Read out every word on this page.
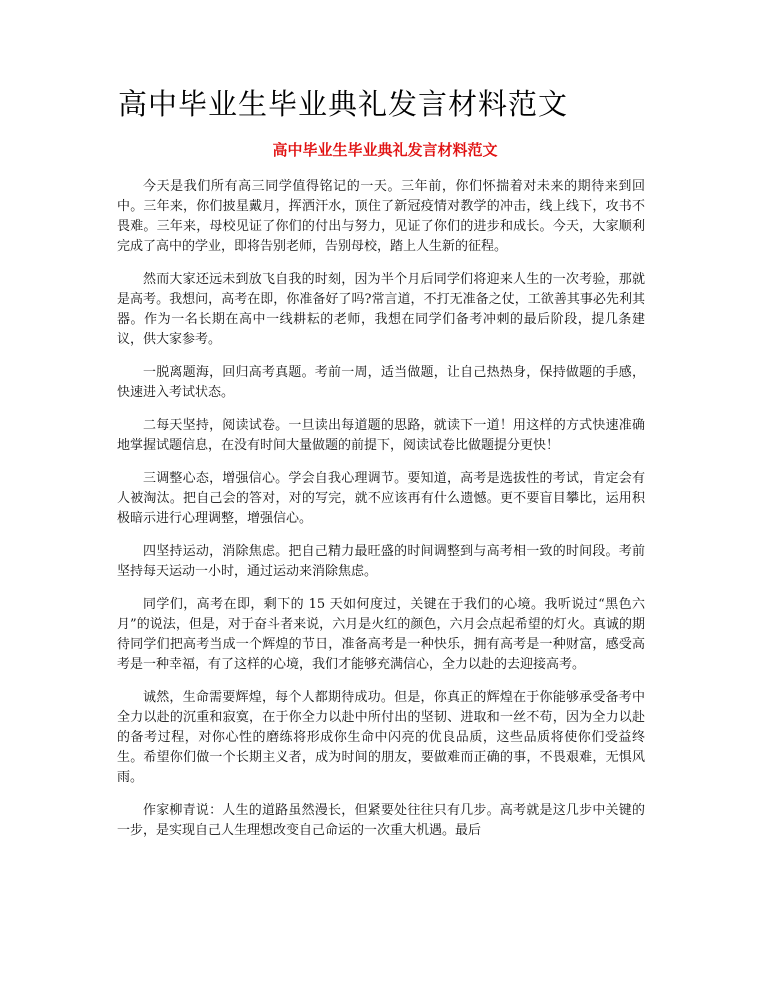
高中毕业生毕业典礼发言材料范文
高中毕业生毕业典礼发言材料范文

今天是我们所有高三同学值得铭记的一天。三年前，你们怀揣着对未来的期待来到回中。三年来，你们披星戴月，挥洒汗水，顶住了新冠疫情对教学的冲击，线上线下，攻书不畏难。三年来，母校见证了你们的付出与努力，见证了你们的进步和成长。今天，大家顺利完成了高中的学业，即将告别老师，告别母校，踏上人生新的征程。

然而大家还远未到放飞自我的时刻，因为半个月后同学们将迎来人生的一次考验，那就是高考。我想问，高考在即，你准备好了吗?常言道，不打无准备之仗，工欲善其事必先利其器。作为一名长期在高中一线耕耘的老师，我想在同学们备考冲刺的最后阶段，提几条建议，供大家参考。

一脱离题海，回归高考真题。考前一周，适当做题，让自己热热身，保持做题的手感，快速进入考试状态。

二每天坚持，阅读试卷。一旦读出每道题的思路，就读下一道！用这样的方式快速准确地掌握试题信息，在没有时间大量做题的前提下，阅读试卷比做题提分更快！

三调整心态，增强信心。学会自我心理调节。要知道，高考是选拔性的考试，肯定会有人被淘汰。把自己会的答对，对的写完，就不应该再有什么遗憾。更不要盲目攀比，运用积极暗示进行心理调整，增强信心。

四坚持运动，消除焦虑。把自己精力最旺盛的时间调整到与高考相一致的时间段。考前坚持每天运动一小时，通过运动来消除焦虑。

同学们，高考在即，剩下的 15 天如何度过，关键在于我们的心境。我听说过“黑色六月”的说法，但是，对于奋斗者来说，六月是火红的颜色，六月会点起希望的灯火。真诚的期待同学们把高考当成一个辉煌的节日，准备高考是一种快乐，拥有高考是一种财富，感受高考是一种幸福，有了这样的心境，我们才能够充满信心，全力以赴的去迎接高考。

诚然，生命需要辉煌，每个人都期待成功。但是，你真正的辉煌在于你能够承受备考中全力以赴的沉重和寂寞，在于你全力以赴中所付出的坚韧、进取和一丝不苟，因为全力以赴的备考过程，对你心性的磨练将形成你生命中闪亮的优良品质，这些品质将使你们受益终生。希望你们做一个长期主义者，成为时间的朋友，要做难而正确的事，不畏艰难，无惧风雨。

作家柳青说：人生的道路虽然漫长，但紧要处往往只有几步。高考就是这几步中关键的一步，是实现自己人生理想改变自己命运的一次重大机遇。最后
